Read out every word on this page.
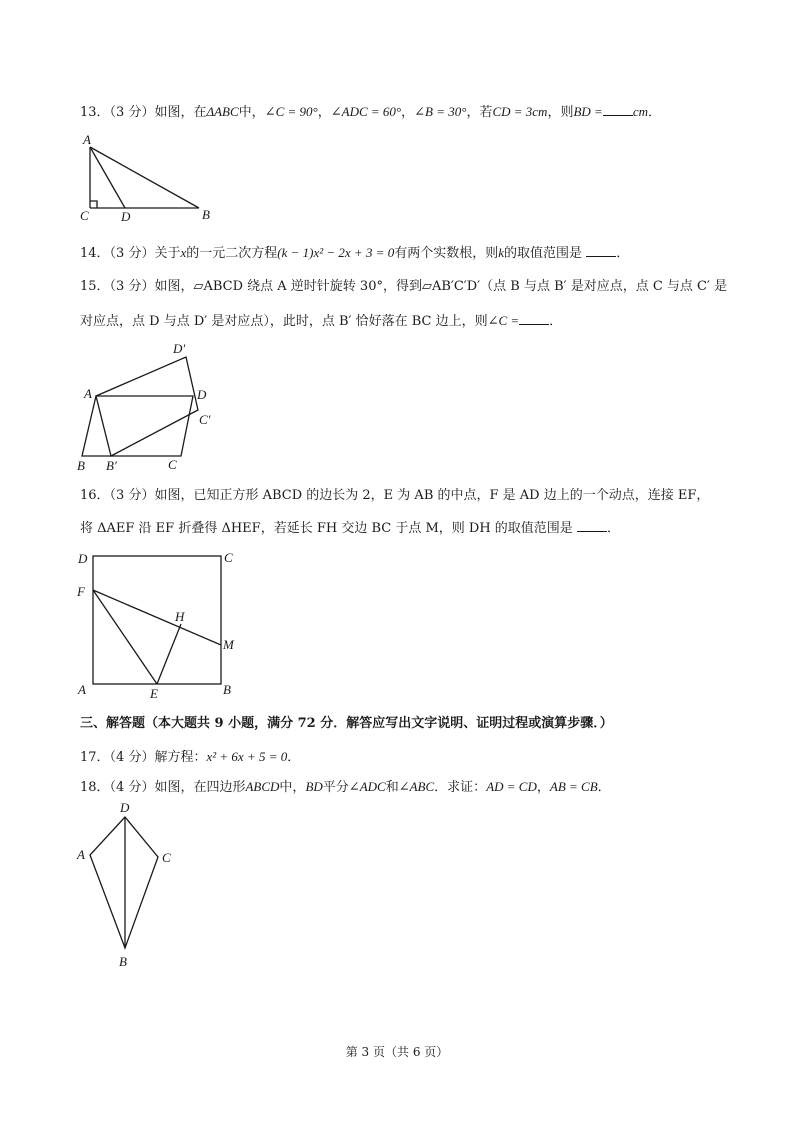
13．（3 分）如图，在ΔABC中，∠C = 90°，∠ADC = 60°，∠B = 30°，若CD = 3cm，则BD = cm．
A
C D	B
14．（3 分）关于x的一元二次方程(k − 1)x² − 2x + 3 = 0有两个实数根，则k的取值范围是	．
15．（3 分）如图，▱ABCD 绕点 A 逆时针旋转 30°，得到▱AB′C′D′（点 B 与点 B′ 是对应点，点 C 与点 C′ 是
对应点，点 D 与点 D′ 是对应点），此时，点 B′ 恰好落在 BC 边上，则∠C = ．
A	D
D′
C′
B B′	C
16．（3 分）如图，已知正方形 ABCD 的边长为 2，E 为 AB 的中点，F 是 AD 边上的一个动点，连接 EF，
将 ΔAEF 沿 EF 折叠得 ΔHEF，若延长 FH 交边 BC 于点 M，则 DH 的取值范围是	．
D	C
F
H
M
A	E	B
三、解答题（本大题共 9 小题，满分 72 分．解答应写出文字说明、证明过程或演算步骤．）
17．（4 分）解方程：x² + 6x + 5 = 0．
18．（4 分）如图，在四边形ABCD中，BD平分∠ADC和∠ABC．求证：AD = CD，AB = CB．
D
A	C
B
第 3 页（共 6 页）
